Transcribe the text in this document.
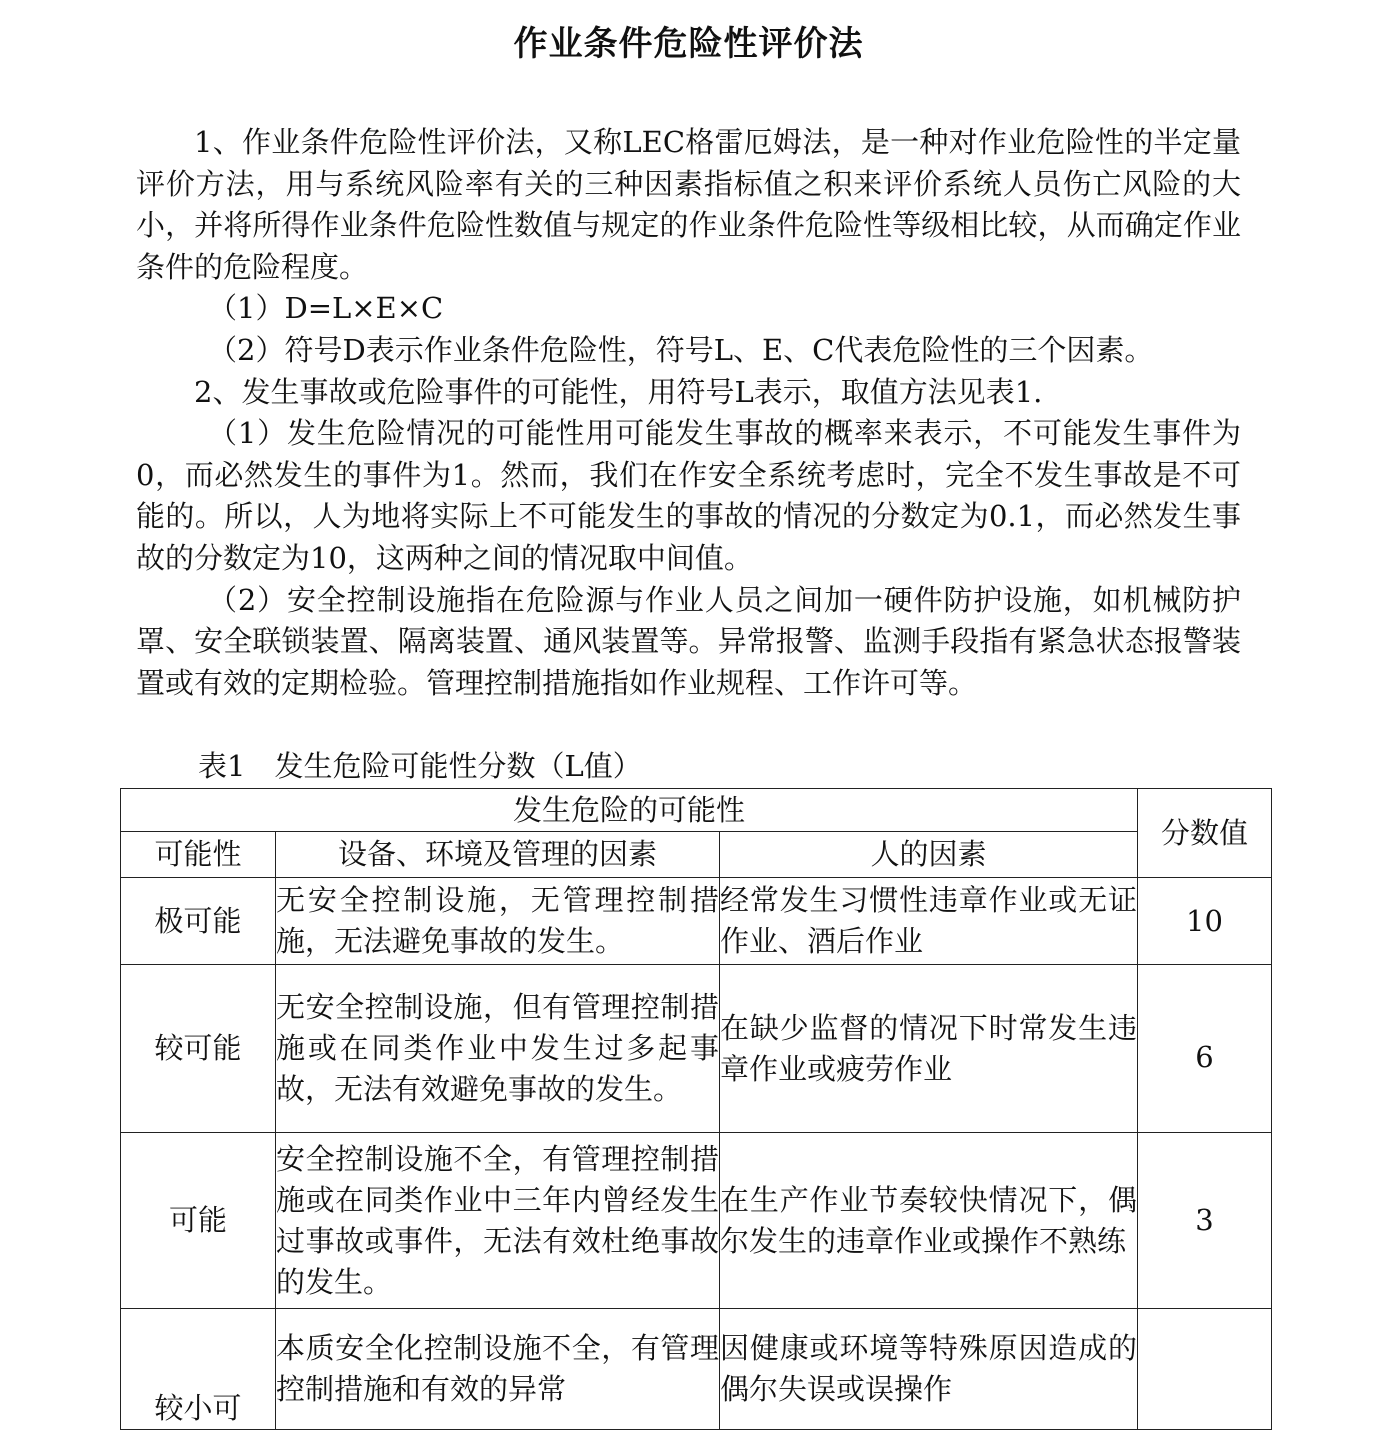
作业条件危险性评价法

1、作业条件危险性评价法，又称LEC格雷厄姆法，是一种对作业危险性的半定量评价方法，用与系统风险率有关的三种因素指标值之积来评价系统人员伤亡风险的大小，并将所得作业条件危险性数值与规定的作业条件危险性等级相比较，从而确定作业条件的危险程度。

（1）D=L×E×C

（2）符号D表示作业条件危险性，符号L、E、C代表危险性的三个因素。

2、发生事故或危险事件的可能性，用符号L表示，取值方法见表1.

（1）发生危险情况的可能性用可能发生事故的概率来表示，不可能发生事件为0，而必然发生的事件为1。然而，我们在作安全系统考虑时，完全不发生事故是不可能的。所以，人为地将实际上不可能发生的事故的情况的分数定为0.1，而必然发生事故的分数定为10，这两种之间的情况取中间值。

（2）安全控制设施指在危险源与作业人员之间加一硬件防护设施，如机械防护罩、安全联锁装置、隔离装置、通风装置等。异常报警、监测手段指有紧急状态报警装置或有效的定期检验。管理控制措施指如作业规程、工作许可等。

表1　发生危险可能性分数（L值）
发生危险的可能性			分数值
可能性	设备、环境及管理的因素	人的因素	
极可能	无安全控制设施，无管理控制措施，无法避免事故的发生。	经常发生习惯性违章作业或无证作业、酒后作业	10
较可能	无安全控制设施，但有管理控制措施或在同类作业中发生过多起事故，无法有效避免事故的发生。	在缺少监督的情况下时常发生违章作业或疲劳作业	6
可能	安全控制设施不全，有管理控制措施或在同类作业中三年内曾经发生过事故或事件，无法有效杜绝事故的发生。	在生产作业节奏较快情况下，偶尔发生的违章作业或操作不熟练	3
较小可	本质安全化控制设施不全，有管理控制措施和有效的异常	因健康或环境等特殊原因造成的偶尔失误或误操作	
